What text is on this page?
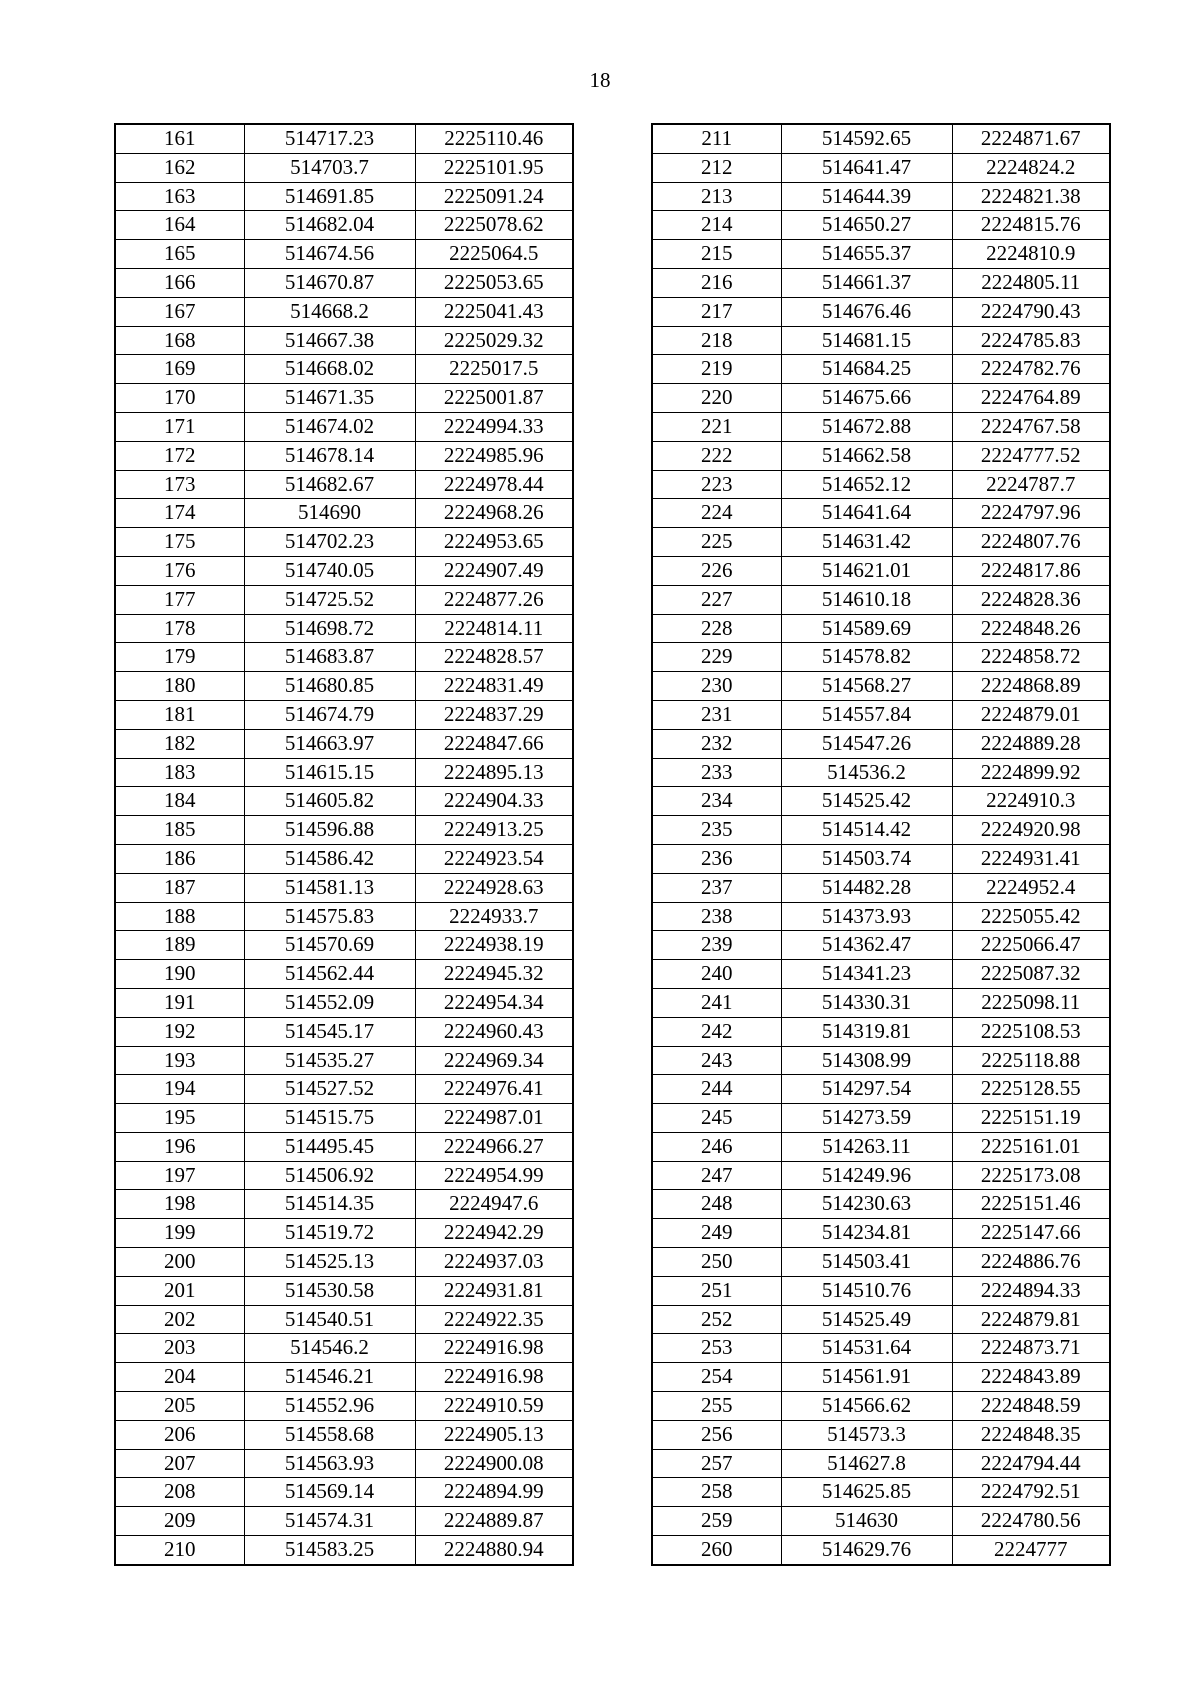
18
161	514717.23	2225110.46
162	514703.7	2225101.95
163	514691.85	2225091.24
164	514682.04	2225078.62
165	514674.56	2225064.5
166	514670.87	2225053.65
167	514668.2	2225041.43
168	514667.38	2225029.32
169	514668.02	2225017.5
170	514671.35	2225001.87
171	514674.02	2224994.33
172	514678.14	2224985.96
173	514682.67	2224978.44
174	514690	2224968.26
175	514702.23	2224953.65
176	514740.05	2224907.49
177	514725.52	2224877.26
178	514698.72	2224814.11
179	514683.87	2224828.57
180	514680.85	2224831.49
181	514674.79	2224837.29
182	514663.97	2224847.66
183	514615.15	2224895.13
184	514605.82	2224904.33
185	514596.88	2224913.25
186	514586.42	2224923.54
187	514581.13	2224928.63
188	514575.83	2224933.7
189	514570.69	2224938.19
190	514562.44	2224945.32
191	514552.09	2224954.34
192	514545.17	2224960.43
193	514535.27	2224969.34
194	514527.52	2224976.41
195	514515.75	2224987.01
196	514495.45	2224966.27
197	514506.92	2224954.99
198	514514.35	2224947.6
199	514519.72	2224942.29
200	514525.13	2224937.03
201	514530.58	2224931.81
202	514540.51	2224922.35
203	514546.2	2224916.98
204	514546.21	2224916.98
205	514552.96	2224910.59
206	514558.68	2224905.13
207	514563.93	2224900.08
208	514569.14	2224894.99
209	514574.31	2224889.87
210	514583.25	2224880.94
211	514592.65	2224871.67
212	514641.47	2224824.2
213	514644.39	2224821.38
214	514650.27	2224815.76
215	514655.37	2224810.9
216	514661.37	2224805.11
217	514676.46	2224790.43
218	514681.15	2224785.83
219	514684.25	2224782.76
220	514675.66	2224764.89
221	514672.88	2224767.58
222	514662.58	2224777.52
223	514652.12	2224787.7
224	514641.64	2224797.96
225	514631.42	2224807.76
226	514621.01	2224817.86
227	514610.18	2224828.36
228	514589.69	2224848.26
229	514578.82	2224858.72
230	514568.27	2224868.89
231	514557.84	2224879.01
232	514547.26	2224889.28
233	514536.2	2224899.92
234	514525.42	2224910.3
235	514514.42	2224920.98
236	514503.74	2224931.41
237	514482.28	2224952.4
238	514373.93	2225055.42
239	514362.47	2225066.47
240	514341.23	2225087.32
241	514330.31	2225098.11
242	514319.81	2225108.53
243	514308.99	2225118.88
244	514297.54	2225128.55
245	514273.59	2225151.19
246	514263.11	2225161.01
247	514249.96	2225173.08
248	514230.63	2225151.46
249	514234.81	2225147.66
250	514503.41	2224886.76
251	514510.76	2224894.33
252	514525.49	2224879.81
253	514531.64	2224873.71
254	514561.91	2224843.89
255	514566.62	2224848.59
256	514573.3	2224848.35
257	514627.8	2224794.44
258	514625.85	2224792.51
259	514630	2224780.56
260	514629.76	2224777
